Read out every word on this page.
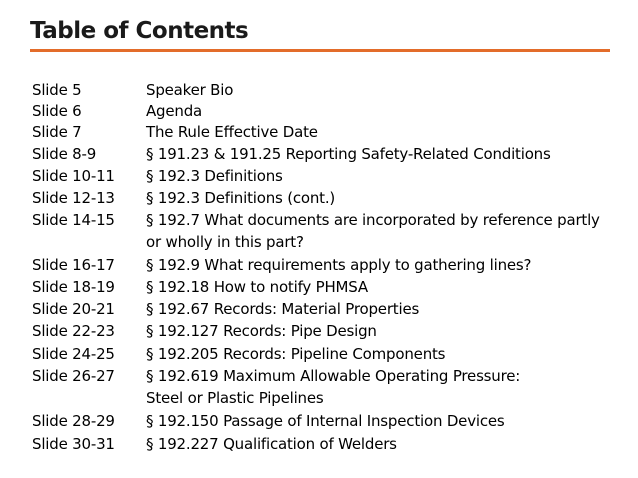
Table of Contents
Slide 5	Speaker Bio
Slide 6	Agenda
Slide 7	The Rule Effective Date
Slide 8-9	§ 191.23 & 191.25 Reporting Safety-Related Conditions
Slide 10-11 § 192.3 Definitions
Slide 12-13 § 192.3 Definitions (cont.)
Slide 14-15 § 192.7 What documents are incorporated by reference partly
or wholly in this part?
Slide 16-17 § 192.9 What requirements apply to gathering lines?
Slide 18-19 § 192.18 How to notify PHMSA
Slide 20-21 § 192.67 Records: Material Properties
Slide 22-23 § 192.127 Records: Pipe Design
Slide 24-25 § 192.205 Records: Pipeline Components
Slide 26-27 § 192.619 Maximum Allowable Operating Pressure:
Steel or Plastic Pipelines
Slide 28-29 § 192.150 Passage of Internal Inspection Devices
Slide 30-31 § 192.227 Qualification of Welders
